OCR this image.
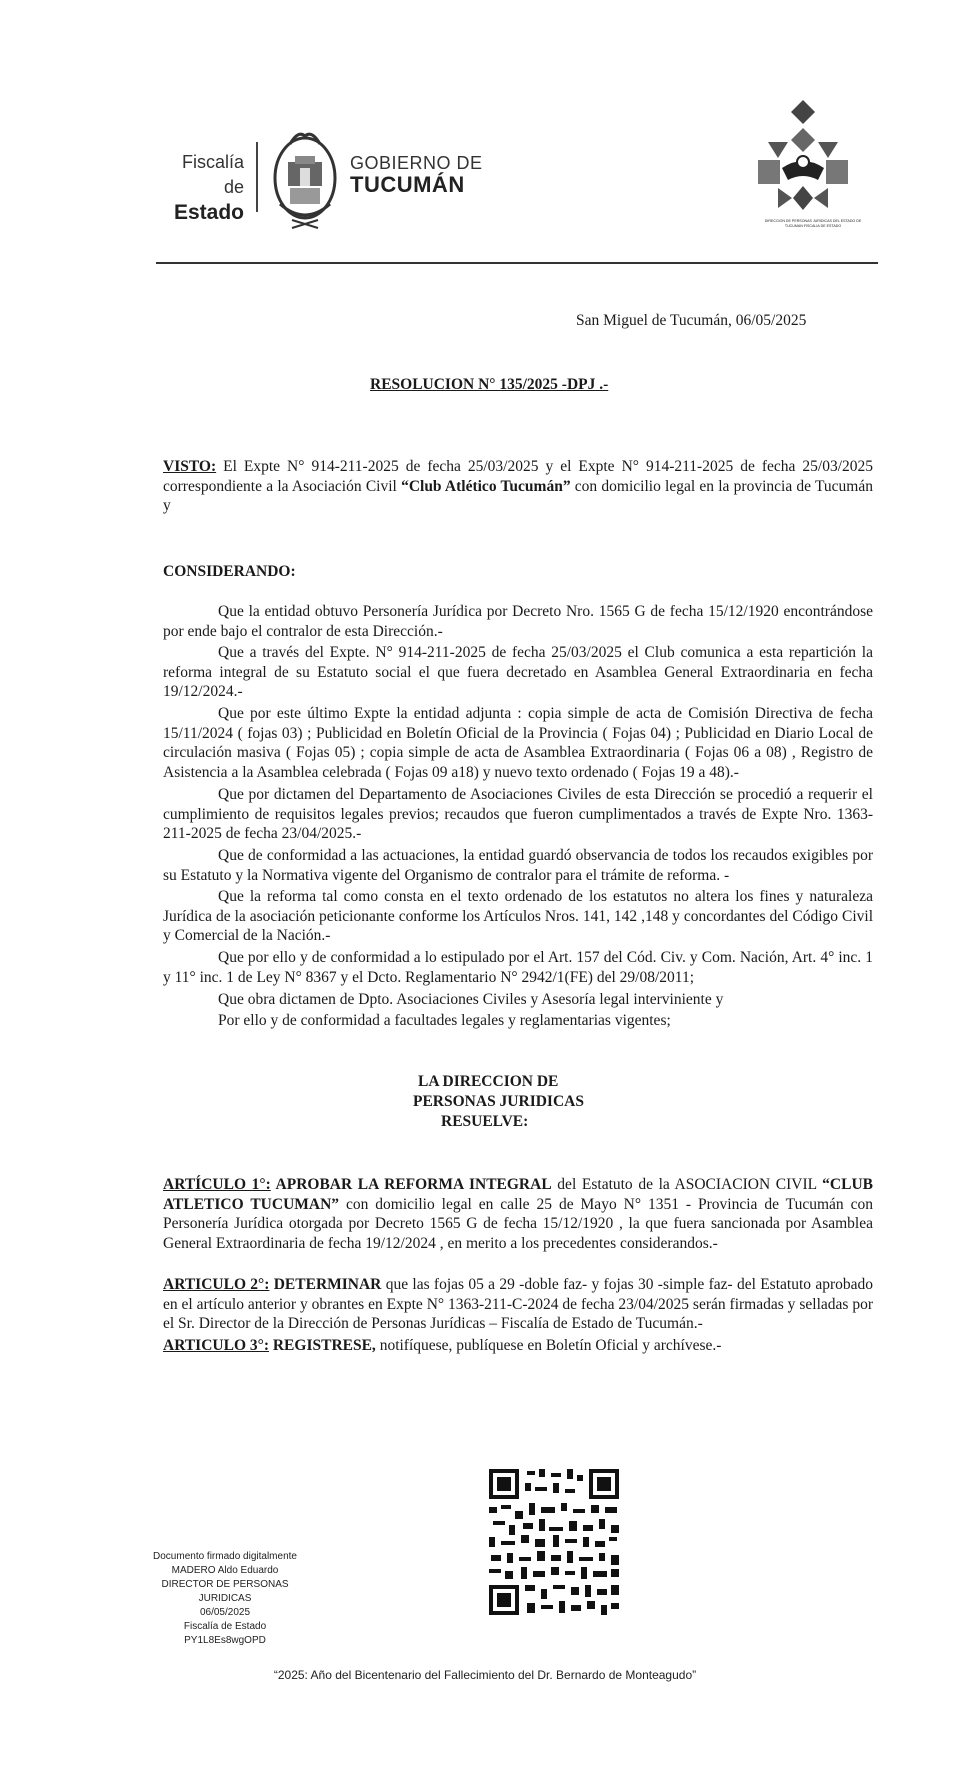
Fiscalía de
Estado
GOBIERNO DE
TUCUMÁN
DIRECCION DE PERSONAS JURIDICAS DEL ESTADO DE TUCUMAN FISCALIA DE ESTADO
San Miguel de Tucumán, 06/05/2025
RESOLUCION N° 135/2025 -DPJ .-
VISTO: El Expte N° 914-211-2025 de fecha 25/03/2025 y el Expte N° 914-211-2025 de fecha 25/03/2025 correspondiente a la Asociación Civil “Club Atlético Tucumán” con domicilio legal en la provincia de Tucumán y
CONSIDERANDO:
Que la entidad obtuvo Personería Jurídica por Decreto Nro. 1565 G de fecha 15/12/1920 encontrándose por ende bajo el contralor de esta Dirección.-
Que a través del Expte. N° 914-211-2025 de fecha 25/03/2025 el Club comunica a esta repartición la reforma integral de su Estatuto social el que fuera decretado en Asamblea General Extraordinaria en fecha 19/12/2024.-
Que por este último Expte la entidad adjunta : copia simple de acta de Comisión Directiva de fecha 15/11/2024 ( fojas 03) ; Publicidad en Boletín Oficial de la Provincia ( Fojas 04) ; Publicidad en Diario Local de circulación masiva ( Fojas 05) ; copia simple de acta de Asamblea Extraordinaria ( Fojas 06 a 08) , Registro de Asistencia a la Asamblea celebrada ( Fojas 09 a18) y nuevo texto ordenado ( Fojas 19 a 48).-
Que por dictamen del Departamento de Asociaciones Civiles de esta Dirección se procedió a requerir el cumplimiento de requisitos legales previos; recaudos que fueron cumplimentados a través de Expte Nro. 1363-211-2025 de fecha 23/04/2025.-
Que de conformidad a las actuaciones, la entidad guardó observancia de todos los recaudos exigibles por su Estatuto y la Normativa vigente del Organismo de contralor para el trámite de reforma. -
Que la reforma tal como consta en el texto ordenado de los estatutos no altera los fines y naturaleza Jurídica de la asociación peticionante conforme los Artículos Nros. 141, 142 ,148 y concordantes del Código Civil y Comercial de la Nación.-
Que por ello y de conformidad a lo estipulado por el Art. 157 del Cód. Civ. y Com. Nación, Art. 4° inc. 1 y 11° inc. 1 de Ley N° 8367 y el Dcto. Reglamentario N° 2942/1(FE) del 29/08/2011;
Que obra dictamen de Dpto. Asociaciones Civiles y Asesoría legal interviniente y
Por ello y de conformidad a facultades legales y reglamentarias vigentes;
LA DIRECCION DE
PERSONAS JURIDICAS
RESUELVE:
ARTÍCULO 1°: APROBAR LA REFORMA INTEGRAL del Estatuto de la ASOCIACION CIVIL “CLUB ATLETICO TUCUMAN” con domicilio legal en calle 25 de Mayo N° 1351 - Provincia de Tucumán con Personería Jurídica otorgada por Decreto 1565 G de fecha 15/12/1920 , la que fuera sancionada por Asamblea General Extraordinaria de fecha 19/12/2024 , en merito a los precedentes considerandos.-
ARTICULO 2°: DETERMINAR que las fojas 05 a 29 -doble faz- y fojas 30 -simple faz- del Estatuto aprobado en el artículo anterior y obrantes en Expte N° 1363-211-C-2024 de fecha 23/04/2025 serán firmadas y selladas por el Sr. Director de la Dirección de Personas Jurídicas – Fiscalía de Estado de Tucumán.-
ARTICULO 3°: REGISTRESE, notifíquese, publíquese en Boletín Oficial y archívese.-
Documento firmado digitalmente
MADERO Aldo Eduardo
DIRECTOR DE PERSONAS
JURIDICAS
06/05/2025
Fiscalía de Estado
PY1L8Es8wgOPD
“2025: Año del Bicentenario del Fallecimiento del Dr. Bernardo de Monteagudo”
